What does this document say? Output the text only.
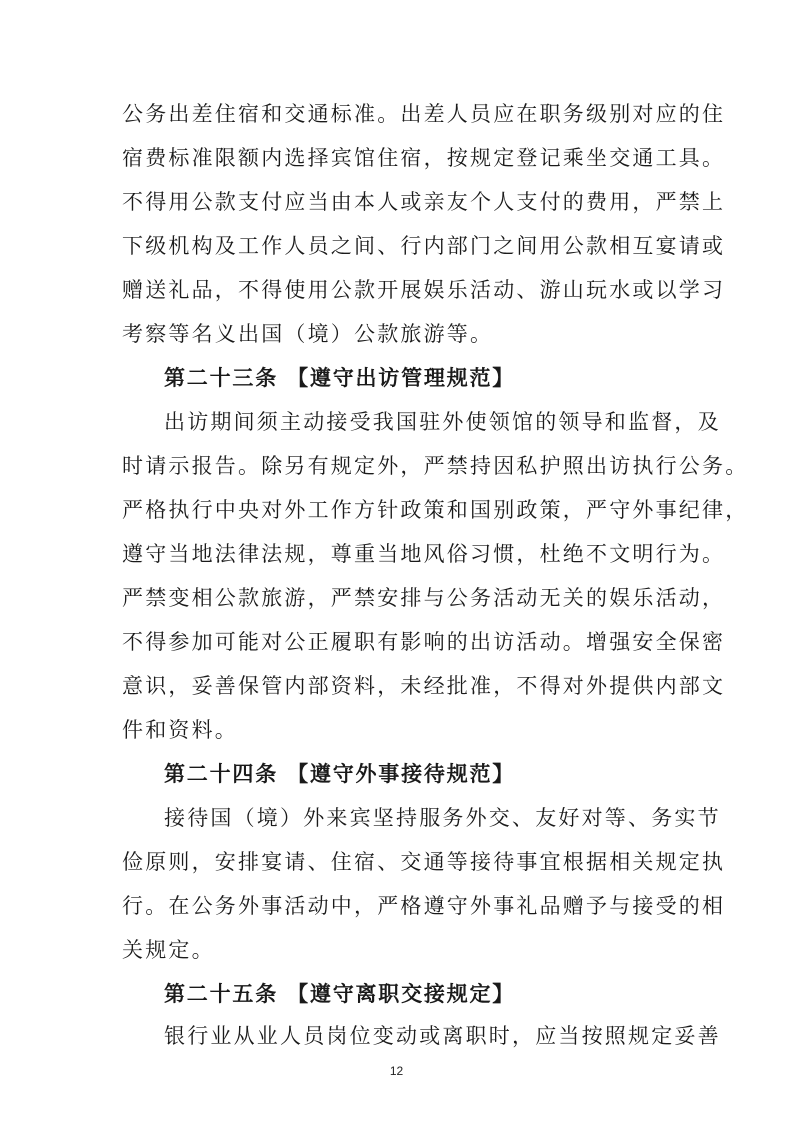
公务出差住宿和交通标准。出差人员应在职务级别对应的住
宿费标准限额内选择宾馆住宿，按规定登记乘坐交通工具。
不得用公款支付应当由本人或亲友个人支付的费用，严禁上
下级机构及工作人员之间、行内部门之间用公款相互宴请或
赠送礼品，不得使用公款开展娱乐活动、游山玩水或以学习
考察等名义出国（境）公款旅游等。
第二十三条 【遵守出访管理规范】
出访期间须主动接受我国驻外使领馆的领导和监督，及
时请示报告。除另有规定外，严禁持因私护照出访执行公务。
严格执行中央对外工作方针政策和国别政策，严守外事纪律，
遵守当地法律法规，尊重当地风俗习惯，杜绝不文明行为。
严禁变相公款旅游，严禁安排与公务活动无关的娱乐活动，
不得参加可能对公正履职有影响的出访活动。增强安全保密
意识，妥善保管内部资料，未经批准，不得对外提供内部文
件和资料。
第二十四条 【遵守外事接待规范】
接待国（境）外来宾坚持服务外交、友好对等、务实节
俭原则，安排宴请、住宿、交通等接待事宜根据相关规定执
行。在公务外事活动中，严格遵守外事礼品赠予与接受的相
关规定。
第二十五条 【遵守离职交接规定】
银行业从业人员岗位变动或离职时，应当按照规定妥善
12
